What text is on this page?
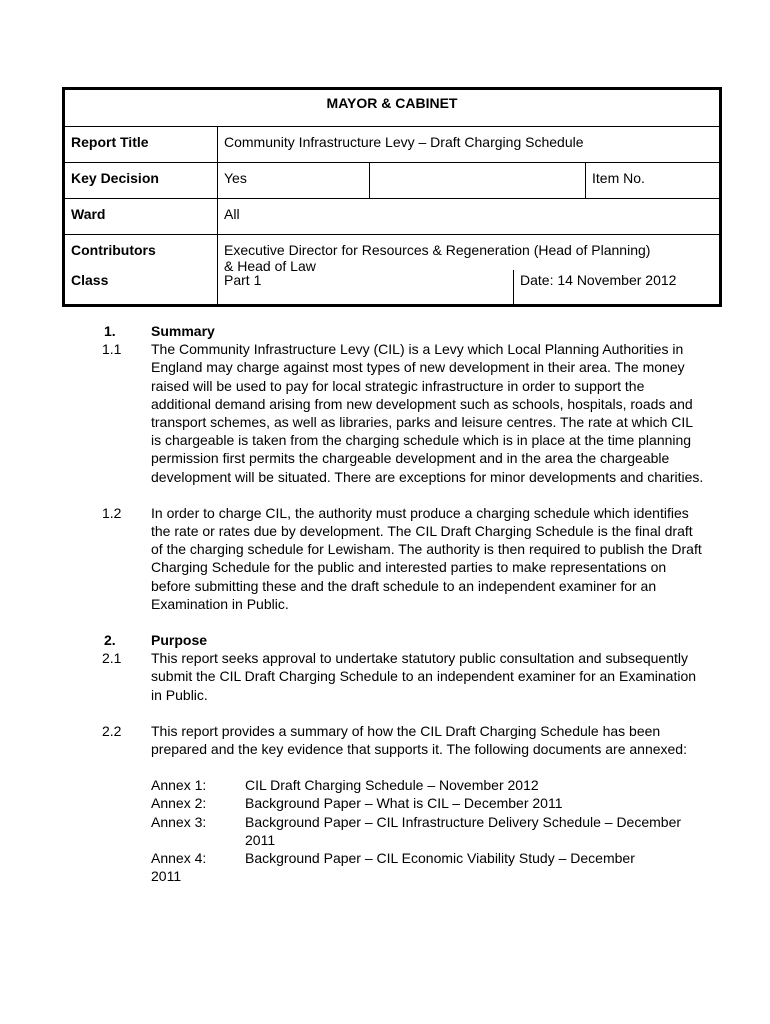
MAYOR & CABINET
Report Title	Community Infrastructure Levy – Draft Charging Schedule
Key Decision	Yes	Item No.
Ward	All
Contributors	Executive Director for Resources & Regeneration (Head of Planning)
& Head of Law
Class	Part 1	Date: 14 November 2012

1.	Summary

1.1 The Community Infrastructure Levy (CIL) is a Levy which Local Planning Authorities in England may charge against most types of new development in their area. The money raised will be used to pay for local strategic infrastructure in order to support the additional demand arising from new development such as schools, hospitals, roads and transport schemes, as well as libraries, parks and leisure centres. The rate at which CIL is chargeable is taken from the charging schedule which is in place at the time planning permission first permits the chargeable development and in the area the chargeable development will be situated. There are exceptions for minor developments and charities.

1.2 In order to charge CIL, the authority must produce a charging schedule which identifies the rate or rates due by development. The CIL Draft Charging Schedule is the final draft of the charging schedule for Lewisham. The authority is then required to publish the Draft Charging Schedule for the public and interested parties to make representations on before submitting these and the draft schedule to an independent examiner for an Examination in Public.

2.	Purpose

2.1 This report seeks approval to undertake statutory public consultation and subsequently submit the CIL Draft Charging Schedule to an independent examiner for an Examination in Public.

2.2 This report provides a summary of how the CIL Draft Charging Schedule has been prepared and the key evidence that supports it. The following documents are annexed:

Annex 1:	CIL Draft Charging Schedule – November 2012
Annex 2:	Background Paper – What is CIL – December 2011
Annex 3:	Background Paper – CIL Infrastructure Delivery Schedule – December 2011
Annex 4:	Background Paper – CIL Economic Viability Study – December
2011
